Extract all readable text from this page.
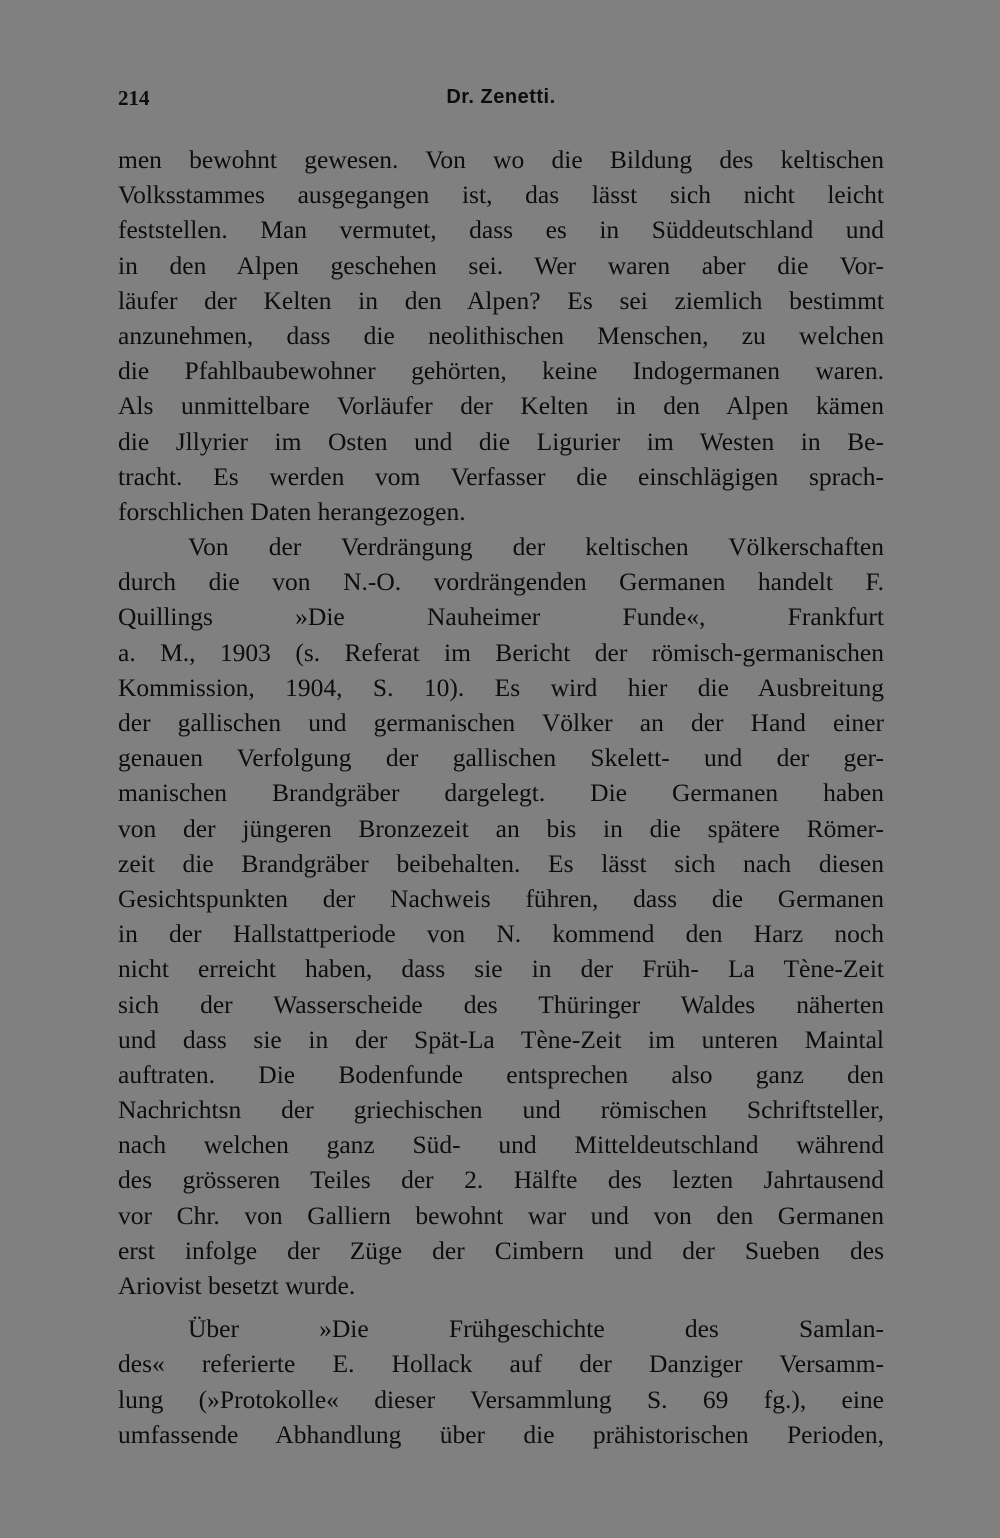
214	Dr. Zenetti.
men bewohnt gewesen. Von wo die Bildung des keltischen
Volksstammes ausgegangen ist, das lässt sich nicht leicht
feststellen. Man vermutet, dass es in Süddeutschland und
in den Alpen geschehen sei. Wer waren aber die Vor-
läufer der Kelten in den Alpen? Es sei ziemlich bestimmt
anzunehmen, dass die neolithischen Menschen, zu welchen
die Pfahlbaubewohner gehörten, keine Indogermanen waren.
Als unmittelbare Vorläufer der Kelten in den Alpen kämen
die Jllyrier im Osten und die Ligurier im Westen in Be-
tracht. Es werden vom Verfasser die einschlägigen sprach-
forschlichen Daten herangezogen.
Von der Verdrängung der keltischen Völkerschaften
durch die von N.-O. vordrängenden Germanen handelt F.
Quillings »Die Nauheimer Funde«, Frankfurt
a. M., 1903 (s. Referat im Bericht der römisch-germanischen
Kommission, 1904, S. 10). Es wird hier die Ausbreitung
der gallischen und germanischen Völker an der Hand einer
genauen Verfolgung der gallischen Skelett- und der ger-
manischen Brandgräber dargelegt. Die Germanen haben
von der jüngeren Bronzezeit an bis in die spätere Römer-
zeit die Brandgräber beibehalten. Es lässt sich nach diesen
Gesichtspunkten der Nachweis führen, dass die Germanen
in der Hallstattperiode von N. kommend den Harz noch
nicht erreicht haben, dass sie in der Früh- La Tène-Zeit
sich der Wasserscheide des Thüringer Waldes näherten
und dass sie in der Spät-La Tène-Zeit im unteren Maintal
auftraten. Die Bodenfunde entsprechen also ganz den
Nachrichtsn der griechischen und römischen Schriftsteller,
nach welchen ganz Süd- und Mitteldeutschland während
des grösseren Teiles der 2. Hälfte des lezten Jahrtausend
vor Chr. von Galliern bewohnt war und von den Germanen
erst infolge der Züge der Cimbern und der Sueben des
Ariovist besetzt wurde.
Über »Die Frühgeschichte des Samlan-
des« referierte E. Hollack auf der Danziger Versamm-
lung (»Protokolle« dieser Versammlung S. 69 fg.), eine
umfassende Abhandlung über die prähistorischen Perioden,
